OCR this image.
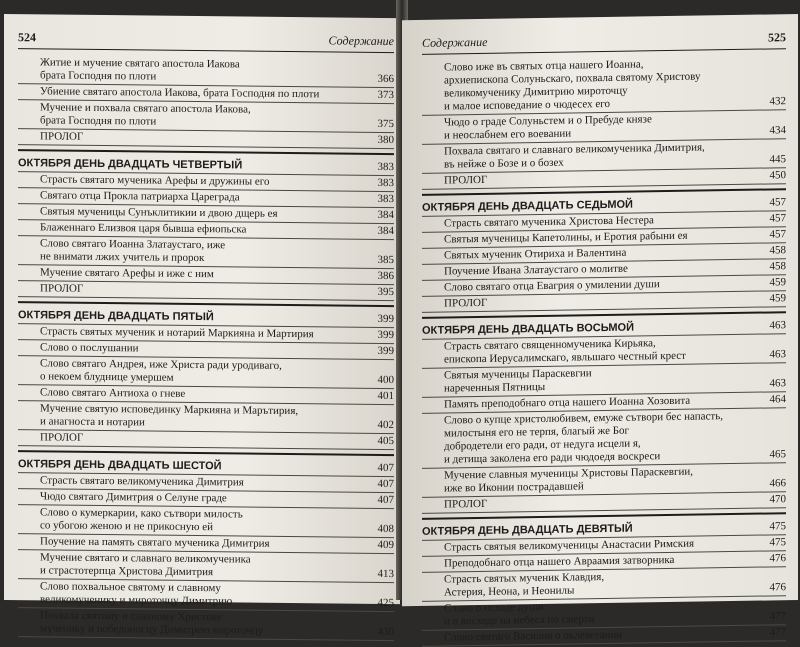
524	Содержание
Житие и мучение святаго апостола Иакова
брата Господня по плоти	366
Убиение святаго апостола Иакова, брата Господня по плоти	373
Мучение и похвала святаго апостола Иакова,
брата Господня по плоти	375
ПРОЛОГ	380
ОКТЯБРЯ ДЕНЬ ДВАДЦАТЬ ЧЕТВЕРТЫЙ	383
Страсть святаго мученика Арефы и дружины его	383
Святаго отца Прокла патриарха Цареграда	383
Святыя мученицы Сунъклитикии и двою дщерь ея	384
Блаженнаго Елизвоя царя бывша ефиопьска	384
Слово святаго Иоанна Златаустаго, иже
не внимати лжих учитель и пророк	385
Мучение святаго Арефы и иже с ним	386
ПРОЛОГ	395
ОКТЯБРЯ ДЕНЬ ДВАДЦАТЬ ПЯТЫЙ	399
Страсть святых мученик и нотарий Маркияна и Мартирия	399
Слово о послушании	399
Слово святаго Андрея, иже Христа ради уродиваго,
о некоем блуднице умершем	400
Слово святаго Антиоха о гневе	401
Мучение святую исповединку Маркияна и Марътирия,
и анагноста и нотарии	402
ПРОЛОГ	405
ОКТЯБРЯ ДЕНЬ ДВАДЦАТЬ ШЕСТОЙ	407
Страсть святаго великомученика Димитрия	407
Чюдо святаго Димитрия о Селуне граде	407
Слово о кумеркарии, како сътвори милость
со убогою женою и не прикосную ей	408
Поучение на память святаго мученика Димитрия	409
Мучение святаго и славнаго великомученика
и страстотерпца Христова Димитрия	413
Слово похвальное святому и славному
великомученику и мироточцу Димитрию	425
Похвала святому и славному Христову
мученику и победоносцу Димитрею мироточцу	430
Содержание	525
Слово иже въ святых отца нашего Иоанна,
архиепископа Солуньскаго, похвала святому Христову
великомученику Димитрию мироточцу
и малое исповедание о чюдесех его	432
Чюдо о граде Солуньстем и о Пребуде князе
и неослабнем его воевании	434
Похвала святаго и славнаго великомученика Димитрия,
въ нейже о Бозе и о бозех	445
ПРОЛОГ	450
ОКТЯБРЯ ДЕНЬ ДВАДЦАТЬ СЕДЬМОЙ	457
Страсть святаго мученика Христова Нестера	457
Святыя мученицы Капетолины, и Еротия рабыни ея	457
Святых мученик Отириха и Валентина	458
Поучение Ивана Златаустаго о молитве	458
Слово святаго отца Евагрия о умилении души	459
ПРОЛОГ	459
ОКТЯБРЯ ДЕНЬ ДВАДЦАТЬ ВОСЬМОЙ	463
Страсть святаго священномученика Кирьяка,
епископа Иерусалимскаго, явльшаго честный крест	463
Святыя мученицы Параскевгии
нареченныя Пятницы	463
Память преподобнаго отца нашего Иоанна Хозовита	464
Слово о купце христолюбивем, емуже сътвори бес напасть,
милостыня его не терпя, благый же Бог
добродетели его ради, от недуга исцели я,
и детища заколена его ради чюдоедя воскреси	465
Мучение славныя мученицы Христовы Параскевгии,
иже во Иконии пострадавшей	466
ПРОЛОГ	470
ОКТЯБРЯ ДЕНЬ ДВАДЦАТЬ ДЕВЯТЫЙ	475
Страсть святыя великомученицы Анастасии Римския	475
Преподобнаго отца нашего Авраамия затворника	476
Страсть святых мученик Клавдия,
Астерия, Неона, и Неонилы	476
Слово о исходе души
и о восходе на небеса по смерти	477
Слово святаго Василия о оклеветании	477
